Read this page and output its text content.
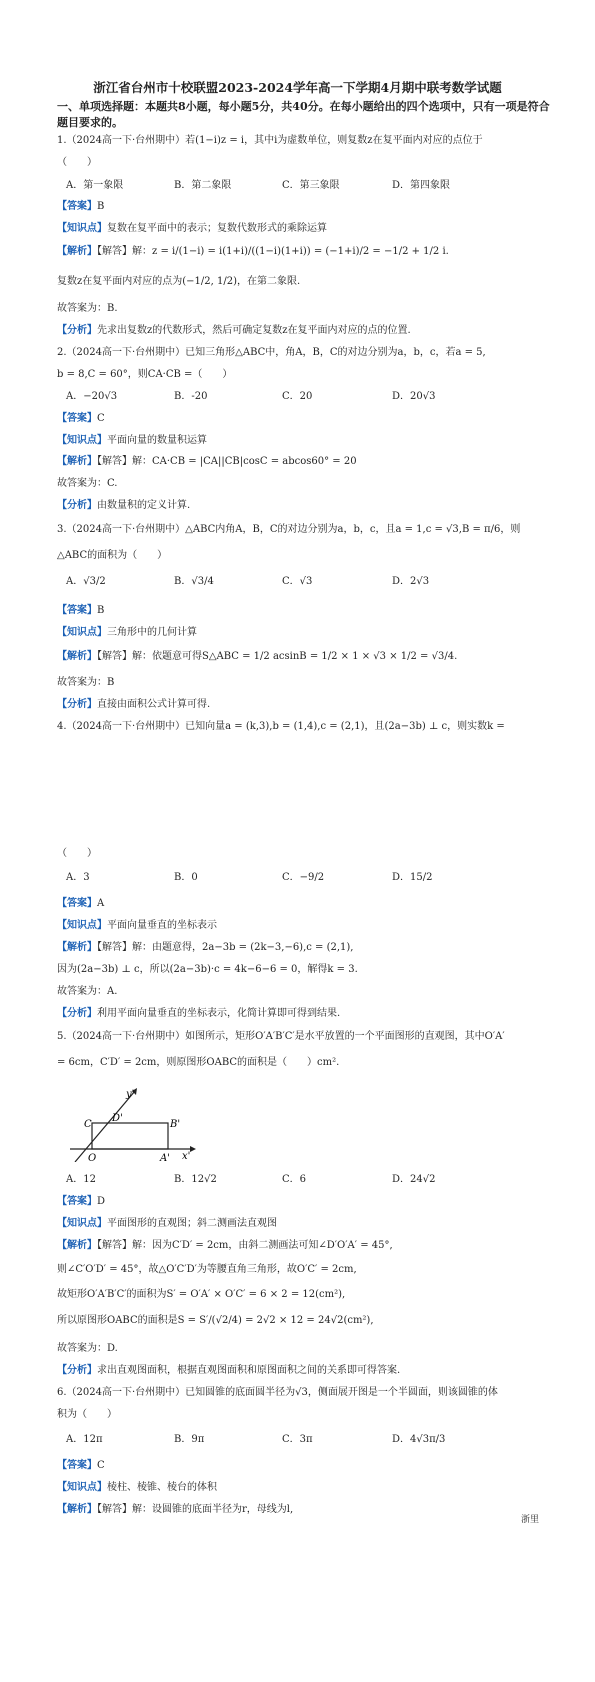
浙江省台州市十校联盟2023-2024学年高一下学期4月期中联考数学试题
一、单项选择题：本题共8小题，每小题5分，共40分。在每小题给出的四个选项中，只有一项是符合题目要求的。
1.（2024高一下·台州期中）若(1−i)z = i，其中i为虚数单位，则复数z在复平面内对应的点位于
（　　）
A．第一象限	B．第二象限	C．第三象限	D．第四象限
【答案】B
【知识点】复数在复平面中的表示；复数代数形式的乘除运算
【解析】【解答】解：z = i/(1−i) = i(1+i)/((1−i)(1+i)) = (−1+i)/2 = −1/2 + 1/2 i.
复数z在复平面内对应的点为(−1/2, 1/2)，在第二象限.
故答案为：B.
【分析】先求出复数z的代数形式，然后可确定复数z在复平面内对应的点的位置.
2.（2024高一下·台州期中）已知三角形△ABC中，角A，B，C的对边分别为a，b，c，若a = 5,
b = 8,C = 60°，则CA·CB =（　　）
A．−20√3	B．-20	C．20	D．20√3
【答案】C
【知识点】平面向量的数量积运算
【解析】【解答】解：CA·CB = |CA||CB|cosC = abcos60° = 20
故答案为：C.
【分析】由数量积的定义计算.
3.（2024高一下·台州期中）△ABC内角A，B，C的对边分别为a，b，c，且a = 1,c = √3,B = π/6，则
△ABC的面积为（　　）
A．√3/2	B．√3/4	C．√3	D．2√3
【答案】B
【知识点】三角形中的几何计算
【解析】【解答】解：依题意可得S△ABC = 1/2 acsinB = 1/2 × 1 × √3 × 1/2 = √3/4.
故答案为：B
【分析】直接由面积公式计算可得.
4.（2024高一下·台州期中）已知向量a = (k,3),b = (1,4),c = (2,1)，且(2a−3b) ⊥ c，则实数k =
（　　）
A．3	B．0	C．−9/2	D．15/2
【答案】A
【知识点】平面向量垂直的坐标表示
【解析】【解答】解：由题意得，2a−3b = (2k−3,−6),c = (2,1),
因为(2a−3b) ⊥ c，所以(2a−3b)·c = 4k−6−6 = 0，解得k = 3.
故答案为：A.
【分析】利用平面向量垂直的坐标表示，化简计算即可得到结果.
5.（2024高一下·台州期中）如图所示，矩形O′A′B′C′是水平放置的一个平面图形的直观图，其中O′A′
= 6cm，C′D′ = 2cm，则原图形OABC的面积是（　　）cm².
C
D'
B'
O	A' x'
y'
A．12	B．12√2	C．6	D．24√2
【答案】D
【知识点】平面图形的直观图；斜二测画法直观图
【解析】【解答】解：因为C′D′ = 2cm，由斜二测画法可知∠D′O′A′ = 45°,
则∠C′O′D′ = 45°，故△O′C′D′为等腰直角三角形，故O′C′ = 2cm,
故矩形O′A′B′C′的面积为S′ = O′A′ × O′C′ = 6 × 2 = 12(cm²),
所以原图形OABC的面积是S = S′/(√2/4) = 2√2 × 12 = 24√2(cm²),
故答案为：D.
【分析】求出直观图面积，根据直观图面积和原图面积之间的关系即可得答案.
6.（2024高一下·台州期中）已知圆锥的底面圆半径为√3，侧面展开图是一个半圆面，则该圆锥的体
积为（　　）
A．12π	B．9π	C．3π	D．4√3π/3
【答案】C
【知识点】棱柱、棱锥、棱台的体积
【解析】【解答】解：设圆锥的底面半径为r，母线为l,
浙里
